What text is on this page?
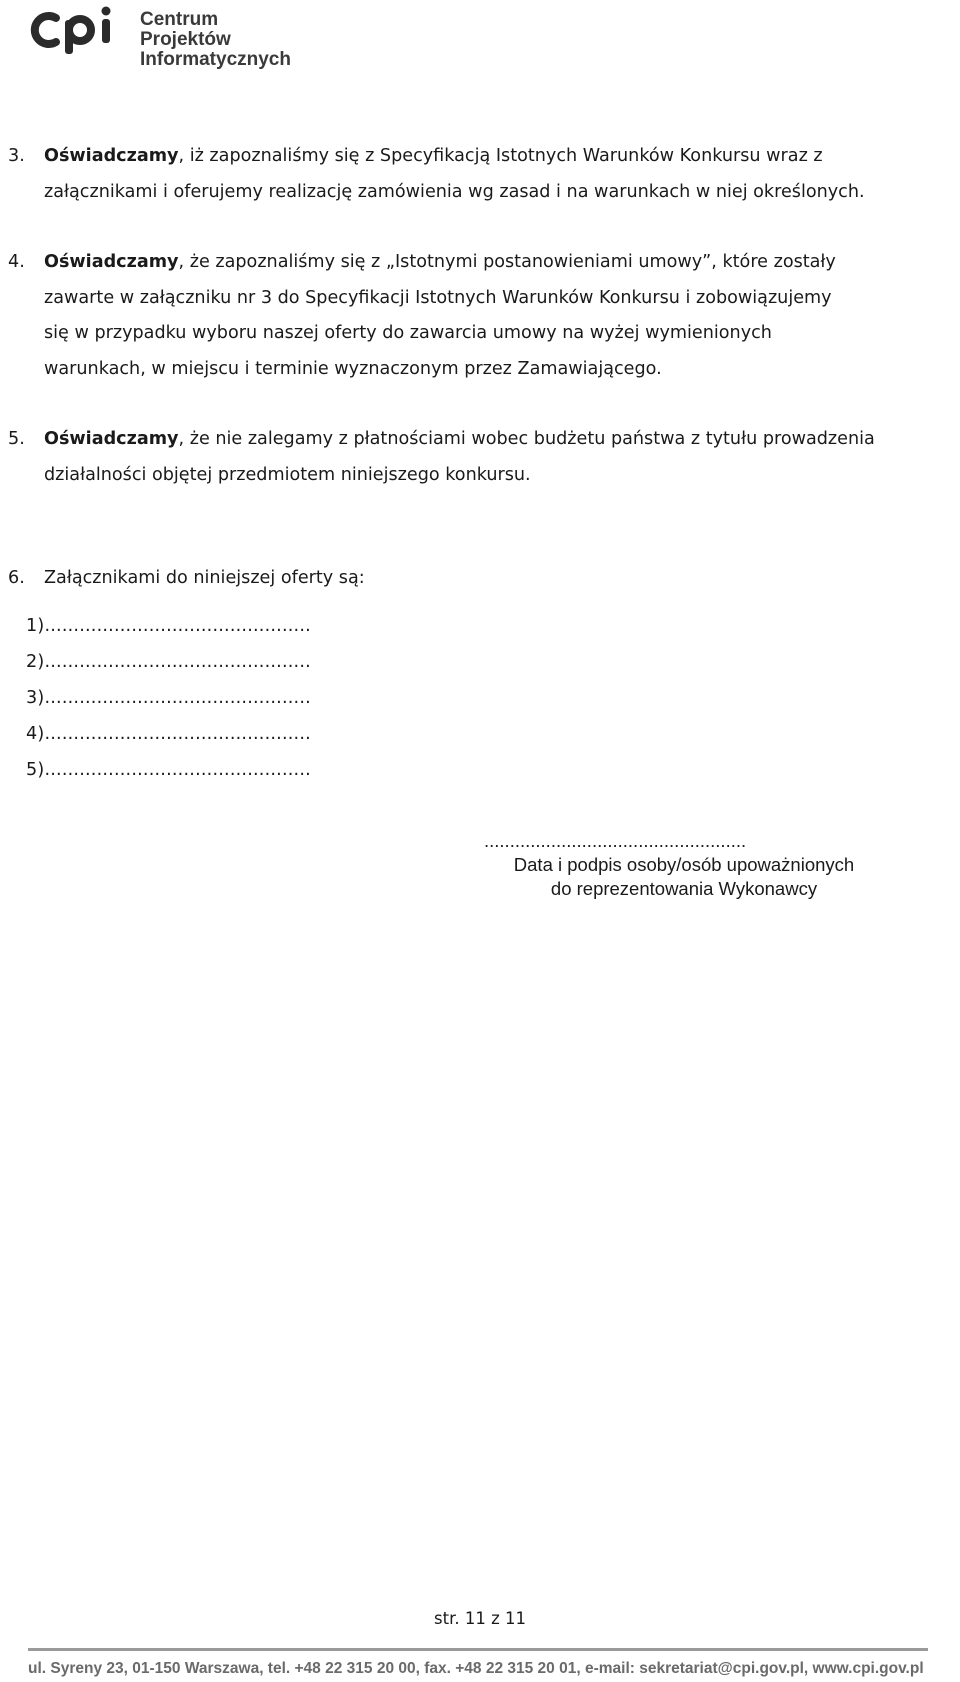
Centrum Projektów
Informatycznych
3. Oświadczamy, iż zapoznaliśmy się z Specyfikacją Istotnych Warunków Konkursu wraz z
załącznikami i oferujemy realizację zamówienia wg zasad i na warunkach w niej określonych.
4. Oświadczamy, że zapoznaliśmy się z „Istotnymi postanowieniami umowy”, które zostały
zawarte w załączniku nr 3 do Specyfikacji Istotnych Warunków Konkursu i zobowiązujemy
się w przypadku wyboru naszej oferty do zawarcia umowy na wyżej wymienionych
warunkach, w miejscu i terminie wyznaczonym przez Zamawiającego.
5. Oświadczamy, że nie zalegamy z płatnościami wobec budżetu państwa z tytułu prowadzenia
działalności objętej przedmiotem niniejszego konkursu.
6. Załącznikami do niniejszej oferty są:
1)..............................................
2)..............................................
3)..............................................
4)..............................................
5)..............................................
...................................................
Data i podpis osoby/osób upoważnionych
do reprezentowania Wykonawcy
str. 11 z 11
ul. Syreny 23, 01-150 Warszawa, tel. +48 22 315 20 00, fax. +48 22 315 20 01, e-mail: sekretariat@cpi.gov.pl, www.cpi.gov.pl
